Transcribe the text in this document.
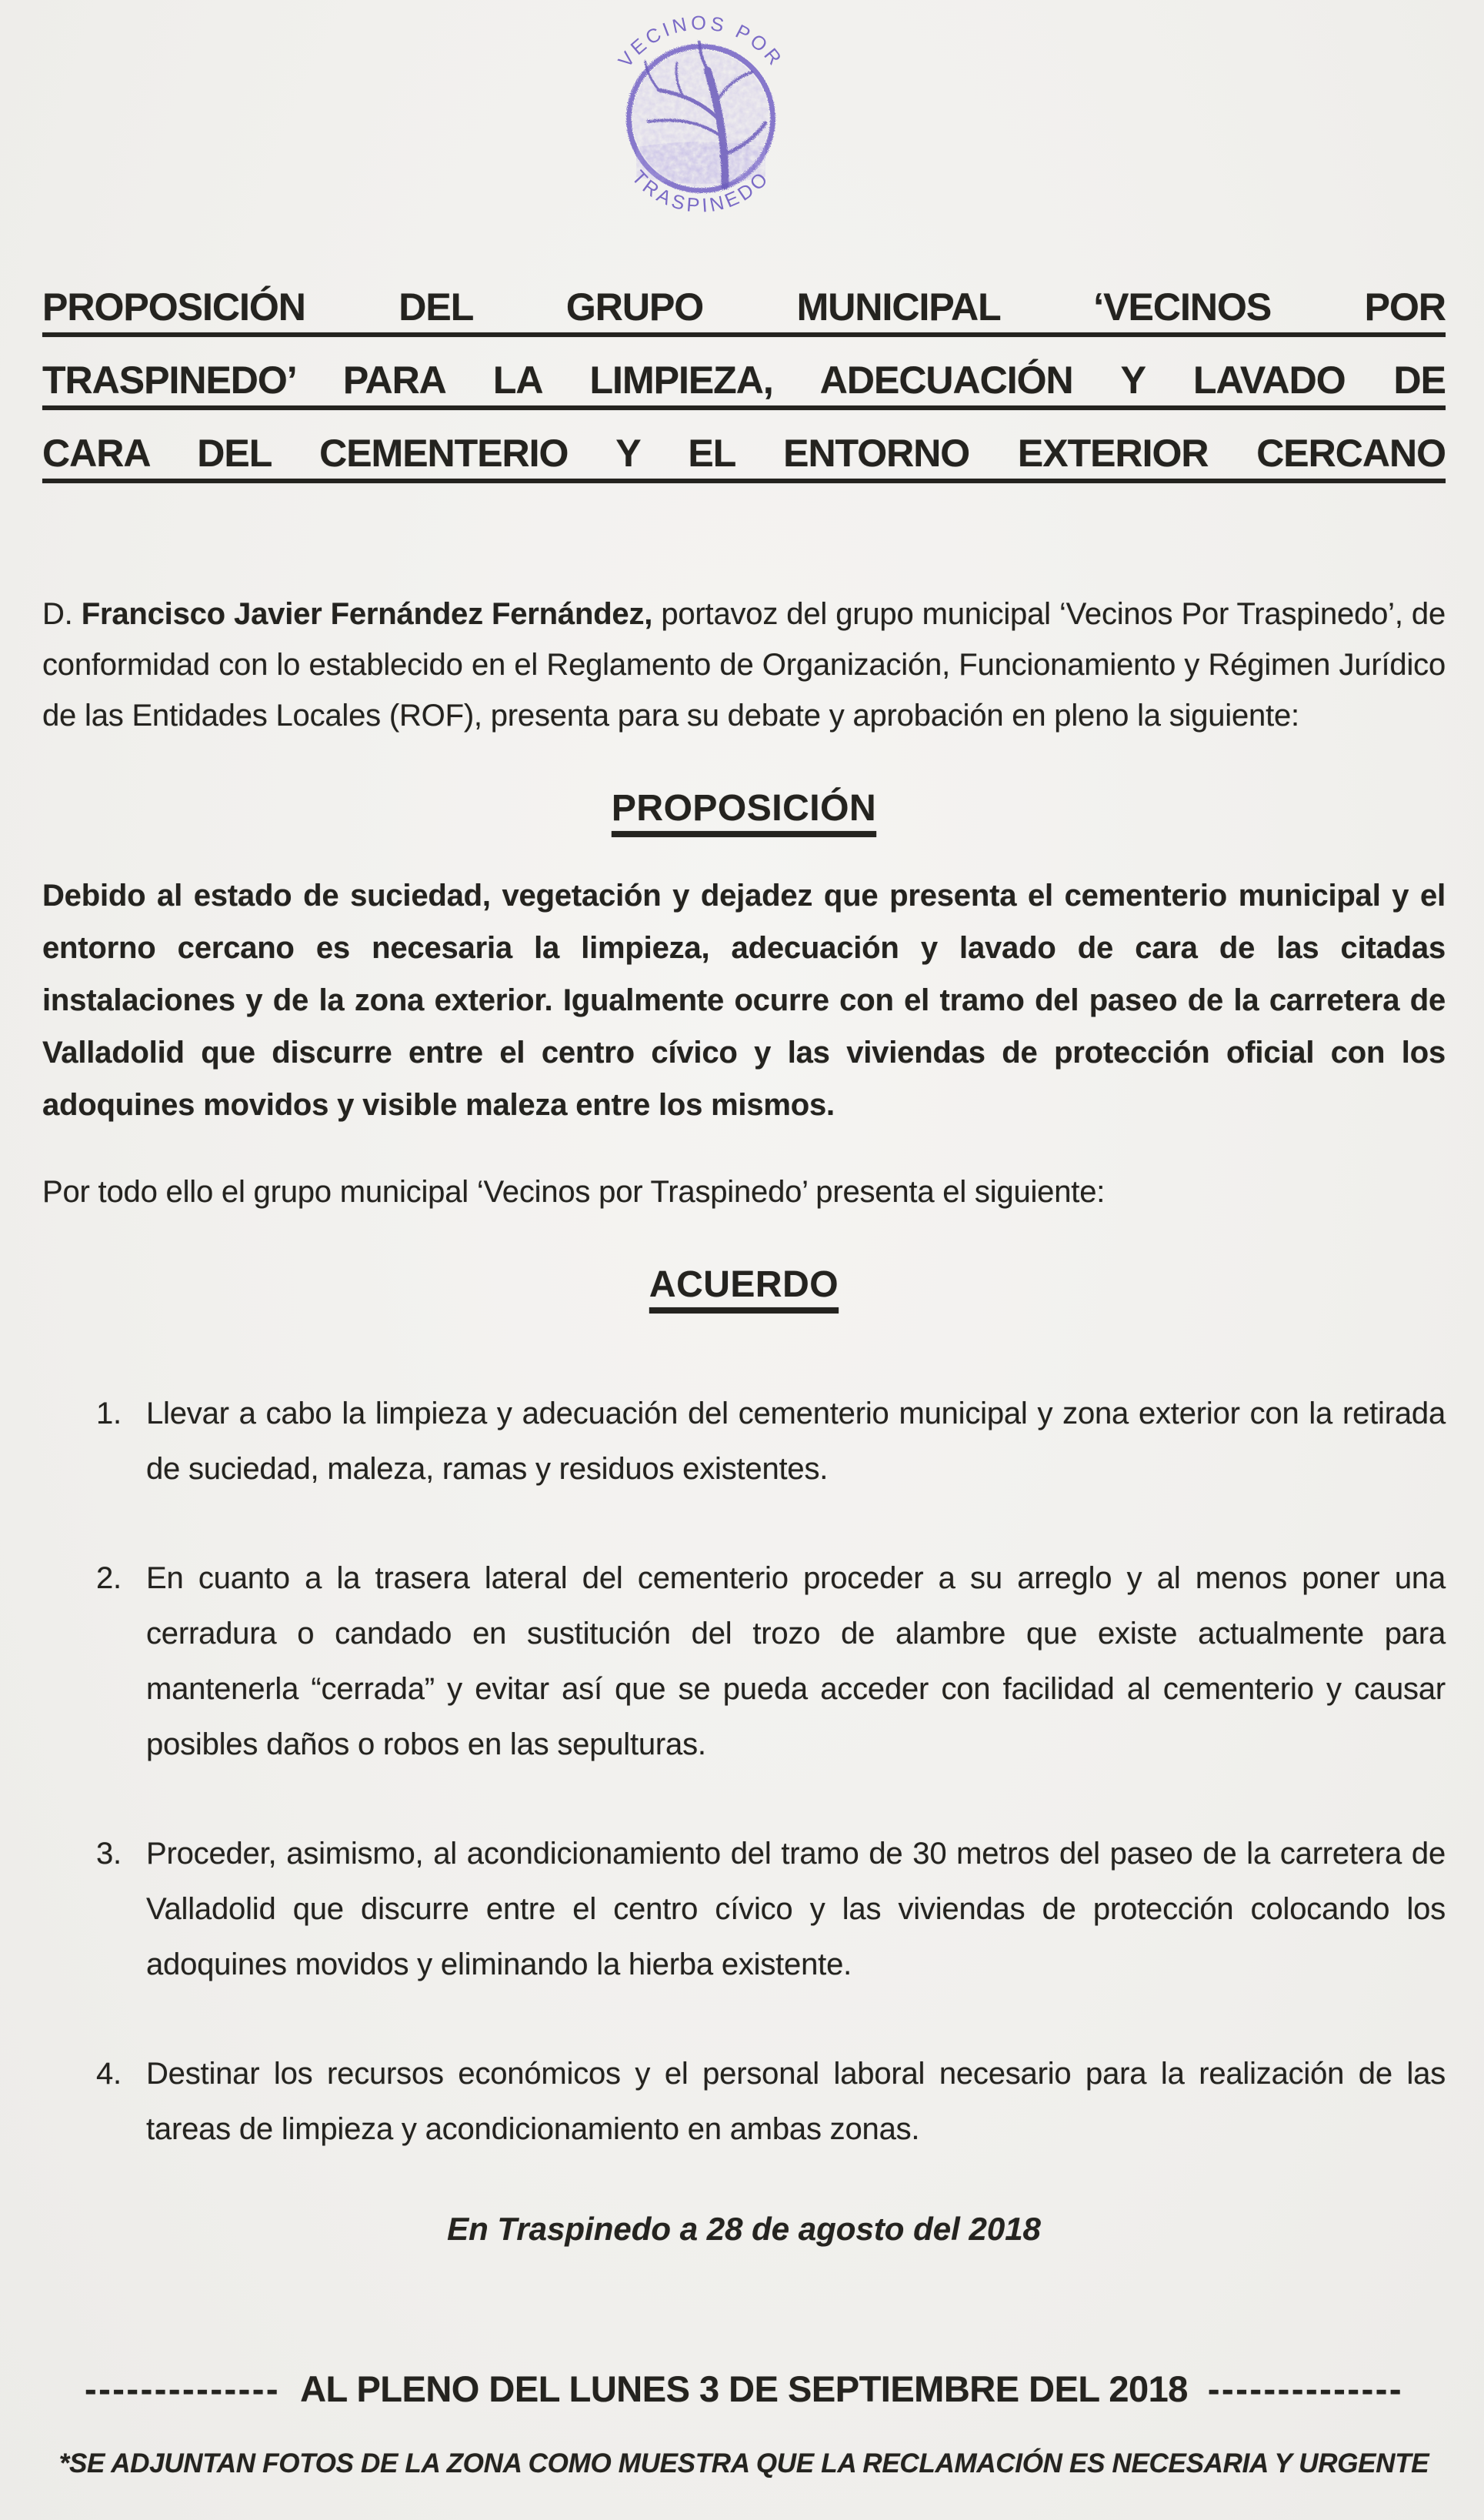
VECINOS POR
TRASPINEDO
PROPOSICIÓN DEL GRUPO MUNICIPAL ‘VECINOS POR
TRASPINEDO’ PARA LA LIMPIEZA, ADECUACIÓN Y LAVADO DE
CARA DEL CEMENTERIO Y EL ENTORNO EXTERIOR CERCANO

D. Francisco Javier Fernández Fernández, portavoz del grupo municipal ‘Vecinos Por Traspinedo’, de conformidad con lo establecido en el Reglamento de Organización, Funcionamiento y Régimen Jurídico de las Entidades Locales (ROF), presenta para su debate y aprobación en pleno la siguiente:

PROPOSICIÓN

Debido al estado de suciedad, vegetación y dejadez que presenta el cementerio municipal y el entorno cercano es necesaria la limpieza, adecuación y lavado de cara de las citadas instalaciones y de la zona exterior. Igualmente ocurre con el tramo del paseo de la carretera de Valladolid que discurre entre el centro cívico y las viviendas de protección oficial con los adoquines movidos y visible maleza entre los mismos.

Por todo ello el grupo municipal ‘Vecinos por Traspinedo’ presenta el siguiente:

ACUERDO
1. Llevar a cabo la limpieza y adecuación del cementerio municipal y zona exterior con la retirada de suciedad, maleza, ramas y residuos existentes.
2. En cuanto a la trasera lateral del cementerio proceder a su arreglo y al menos poner una cerradura o candado en sustitución del trozo de alambre que existe actualmente para mantenerla “cerrada” y evitar así que se pueda acceder con facilidad al cementerio y causar posibles daños o robos en las sepulturas.
3. Proceder, asimismo, al acondicionamiento del tramo de 30 metros del paseo de la carretera de Valladolid que discurre entre el centro cívico y las viviendas de protección colocando los adoquines movidos y eliminando la hierba existente.
4. Destinar los recursos económicos y el personal laboral necesario para la realización de las tareas de limpieza y acondicionamiento en ambas zonas.
En Traspinedo a 28 de agosto del 2018
-------------- AL PLENO DEL LUNES 3 DE SEPTIEMBRE DEL 2018 --------------
*SE ADJUNTAN FOTOS DE LA ZONA COMO MUESTRA QUE LA RECLAMACIÓN ES NECESARIA Y URGENTE
